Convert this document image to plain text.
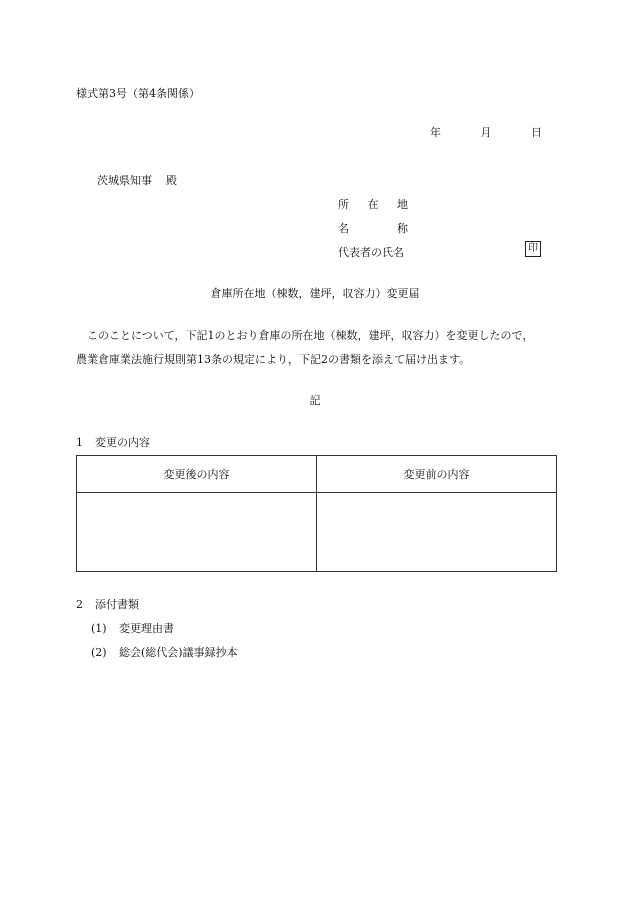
様式第3号（第4条関係）
年	月	日
茨城県知事 殿
所 在 地
名	称
代表者の氏名	印
倉庫所在地（棟数，建坪，収容力）変更届
このことについて，下記1のとおり倉庫の所在地（棟数，建坪，収容力）を変更したので，
農業倉庫業法施行規則第13条の規定により，下記2の書類を添えて届け出ます。
記
1 変更の内容
変更後の内容	変更前の内容

2 添付書類
(1) 変更理由書
(2) 総会(総代会)議事録抄本
